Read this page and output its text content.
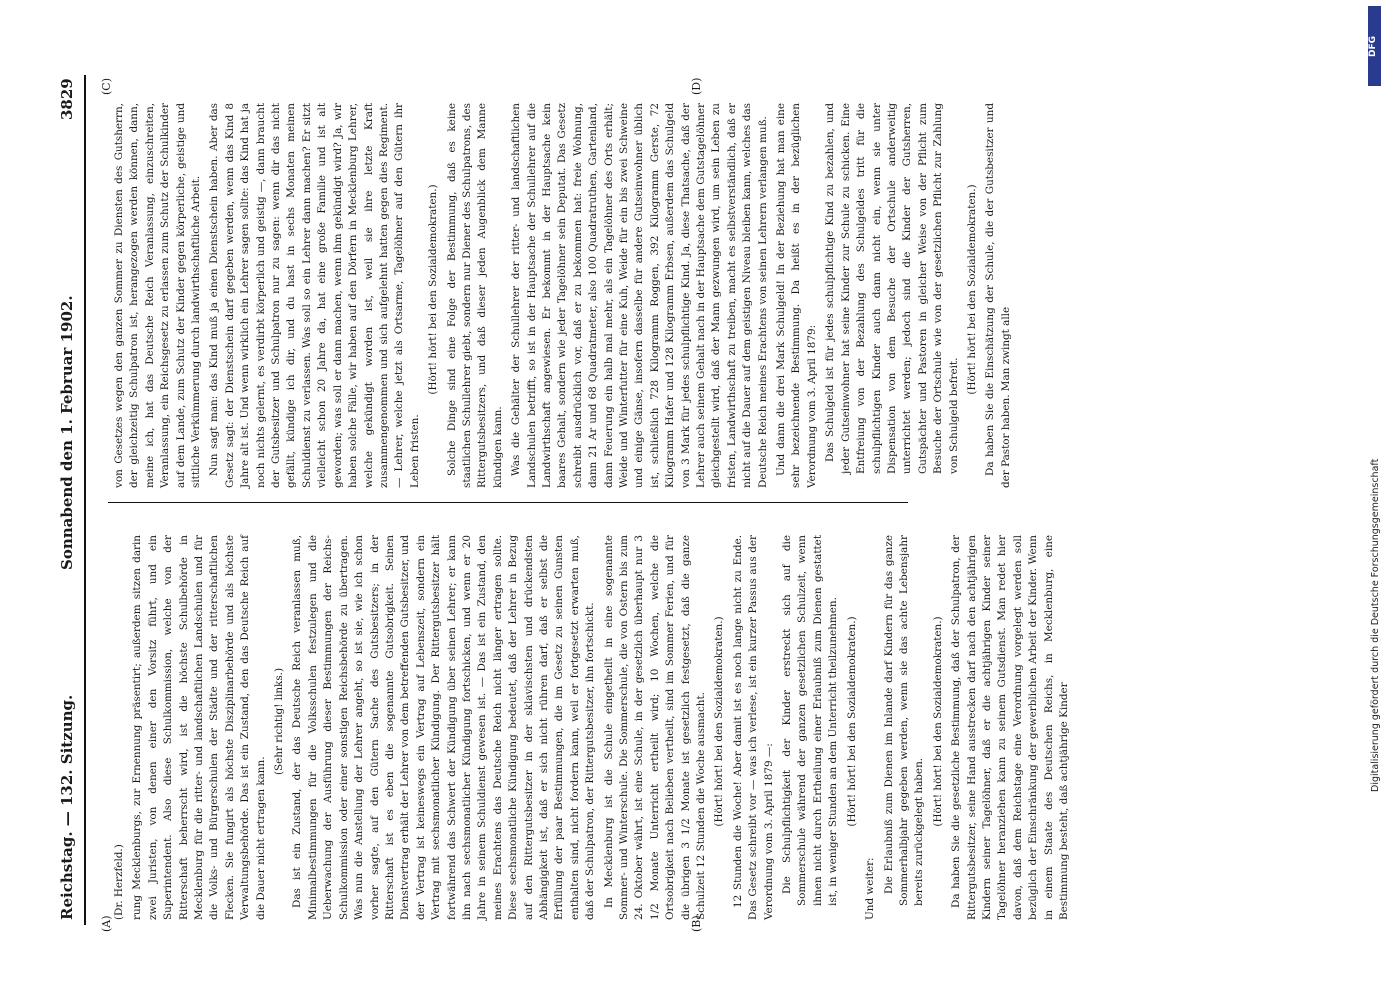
Reichstag. — 132. Sitzung.
Sonnabend den 1. Februar 1902.
3829
(A)	(B)
(C)	(D)

(Dr. Herzfeld.) rung Mecklenburgs, zur Ernennung präsentirt; außerdem sitzen darin zwei Juristen, von denen einer den Vorsitz führt, und ein Superintendent. Also diese Schulkommission, welche von der Ritterschaft beherrscht wird, ist die höchste Schulbehörde in Mecklenburg für die ritter- und landschaftlichen Landschulen und für die Volks- und Bürgerschulen der Städte und der ritterschaftlichen Flecken. Sie fungirt als höchste Disziplinarbehörde und als höchste Verwaltungsbehörde. Das ist ein Zustand, den das Deutsche Reich auf die Dauer nicht ertragen kann.

(Sehr richtig! links.) Das ist ein Zustand, der das Deutsche Reich veranlassen muß, Minimalbestimmungen für die Volksschulen festzulegen und die Ueberwachung der Ausführung dieser Bestimmungen der Reichs-Schulkommission oder einer sonstigen Reichsbehörde zu übertragen. Was nun die Anstellung der Lehrer angeht, so ist sie, wie ich schon vorher sagte, auf den Gütern Sache des Gutsbesitzers; in der Ritterschaft ist es eben die sogenannte Gutsobrigkeit. Seinen Dienstvertrag erhält der Lehrer von dem betreffenden Gutsbesitzer, und der Vertrag ist keineswegs ein Vertrag auf Lebenszeit, sondern ein Vertrag mit sechsmonatlicher Kündigung. Der Rittergutsbesitzer hält fortwährend das Schwert der Kündigung über seinen Lehrer; er kann ihn nach sechsmonatlicher Kündigung fortschicken, und wenn er 20 Jahre in seinem Schuldienst gewesen ist. — Das ist ein Zustand, den meines Erachtens das Deutsche Reich nicht länger ertragen sollte. Diese sechsmonatliche Kündigung bedeutet, daß der Lehrer in Bezug auf den Rittergutsbesitzer in der sklavischsten und drückendsten Abhängigkeit ist, daß er sich nicht rühren darf, daß er selbst die Erfüllung der paar Bestimmungen, die im Gesetz zu seinen Gunsten enthalten sind, nicht fordern kann, weil er fortgesetzt erwarten muß, daß der Schulpatron, der Rittergutsbesitzer, ihn fortschickt. In Mecklenburg ist die Schule eingetheilt in eine sogenannte Sommer- und Winterschule. Die Sommerschule, die von Ostern bis zum 24. Oktober währt, ist eine Schule, in der gesetzlich überhaupt nur 3 1/2 Monate Unterricht ertheilt wird; 10 Wochen, welche die Ortsobrigkeit nach Belieben vertheilt, sind im Sommer Ferien, und für die übrigen 3 1/2 Monate ist gesetzlich festgesetzt, daß die ganze Schulzeit 12 Stunden die Woche ausmacht. (Hört! hört! bei den Sozialdemokraten.) 12 Stunden die Woche! Aber damit ist es noch lange nicht zu Ende. Das Gesetz schreibt vor — was ich verlese, ist ein kurzer Passus aus der Verordnung vom 3. April 1879 —: Die Schulpflichtigkeit der Kinder erstreckt sich auf die Sommerschule während der ganzen gesetzlichen Schulzeit, wenn ihnen nicht durch Ertheilung einer Erlaubniß zum Dienen gestattet ist, in weniger Stunden an dem Unterricht theilzunehmen. (Hört! hört! bei den Sozialdemokraten.)

Und weiter: Die Erlaubniß zum Dienen im Inlande darf Kindern für das ganze Sommerhalbjahr gegeben werden, wenn sie das achte Lebensjahr bereits zurückgelegt haben.

(Hört! hört! bei den Sozialdemokraten.) Da haben Sie die gesetzliche Bestimmung, daß der Schulpatron, der Rittergutsbesitzer, seine Hand ausstrecken darf nach den achtjährigen Kindern seiner Tagelöhner, daß er die achtjährigen Kinder seiner Tagelöhner heranziehen kann zu seinem Gutsdienst. Man redet hier davon, daß dem Reichstage eine Verordnung vorgelegt werden soll bezüglich der Einschränkung der gewerblichen Arbeit der Kinder. Wenn in einem Staate des Deutschen Reichs, in Mecklenburg, eine Bestimmung besteht, daß achtjährige Kinder

von Gesetzes wegen den ganzen Sommer zu Diensten des Gutsherrn, der gleichzeitig Schulpatron ist, herangezogen werden können, dann, meine ich, hat das Deutsche Reich Veranlassung, einzuschreiten, Veranlassung, ein Reichsgesetz zu erlassen zum Schutz der Schulkinder auf dem Lande, zum Schutz der Kinder gegen körperliche, geistige und sittliche Verkümmerung durch landwirthschaftliche Arbeit. Nun sagt man: das Kind muß ja einen Dienstschein haben. Aber das Gesetz sagt: der Dienstschein darf gegeben werden, wenn das Kind 8 Jahre alt ist. Und wenn wirklich ein Lehrer sagen sollte: das Kind hat ja noch nichts gelernt, es verdirbt körperlich und geistig —, dann braucht der Gutsbesitzer und Schulpatron nur zu sagen: wenn dir das nicht gefällt, kündige ich dir, und du hast in sechs Monaten meinen Schuldienst zu verlassen. Was soll so ein Lehrer dann machen? Er sitzt vielleicht schon 20 Jahre da, hat eine große Familie und ist alt geworden; was soll er dann machen, wenn ihm gekündigt wird? Ja, wir haben solche Fälle, wir haben auf den Dörfern in Mecklenburg Lehrer, welche gekündigt worden ist, weil sie ihre letzte Kraft zusammengenommen und sich aufgelehnt hatten gegen dies Regiment. — Lehrer, welche jetzt als Ortsarme, Tagelöhner auf den Gütern ihr Leben fristen.

(Hört! hört! bei den Sozialdemokraten.) Solche Dinge sind eine Folge der Bestimmung, daß es keine staatlichen Schullehrer giebt, sondern nur Diener des Schulpatrons, des Rittergutsbesitzers, und daß dieser jeden Augenblick dem Manne kündigen kann. Was die Gehälter der Schullehrer der ritter- und landschaftlichen Landschulen betrifft, so ist in der Hauptsache der Schullehrer auf die Landwirthschaft angewiesen. Er bekommt in der Hauptsache kein baares Gehalt, sondern wie jeder Tagelöhner sein Deputat. Das Gesetz schreibt ausdrücklich vor, daß er zu bekommen hat: freie Wohnung, dann 21 Ar und 68 Quadratmeter, also 100 Quadratruthen, Gartenland, dann Feuerung ein halb mal mehr, als ein Tagelöhner des Orts erhält; Weide und Winterfutter für eine Kuh, Weide für ein bis zwei Schweine und einige Gänse, insofern dasselbe für andere Gutseinwohner üblich ist, schließlich 728 Kilogramm Roggen, 392 Kilogramm Gerste, 72 Kilogramm Hafer und 128 Kilogramm Erbsen, außerdem das Schulgeld von 3 Mark für jedes schulpflichtige Kind. Ja, diese Thatsache, daß der Lehrer auch seinem Gehalt nach in der Hauptsache dem Gutstagelöhner gleichgestellt wird, daß der Mann gezwungen wird, um sein Leben zu fristen, Landwirthschaft zu treiben, macht es selbstverständlich, daß er nicht auf die Dauer auf dem geistigen Niveau bleiben kann, welches das Deutsche Reich meines Erachtens von seinen Lehrern verlangen muß. Und dann die drei Mark Schulgeld! In der Beziehung hat man eine sehr bezeichnende Bestimmung. Da heißt es in der bezüglichen Verordnung vom 3. April 1879: Das Schulgeld ist für jedes schulpflichtige Kind zu bezahlen, und jeder Gutseinwohner hat seine Kinder zur Schule zu schicken. Eine Entfreiung von der Bezahlung des Schulgeldes tritt für die schulpflichtigen Kinder auch dann nicht ein, wenn sie unter Dispensation von dem Besuche der Ortschule anderweitig unterrichtet werden; jedoch sind die Kinder der Gutsherren, Gutspächter und Pastoren in gleicher Weise von der Pflicht zum Besuche der Ortschule wie von der gesetzlichen Pflicht zur Zahlung von Schulgeld befreit.

(Hört! hört! bei den Sozialdemokraten.) Da haben Sie die Einschätzung der Schule, die der Gutsbesitzer und der Pastor haben. Man zwingt alle

DFG
Digitalisierung gefördert durch die Deutsche Forschungsgemeinschaft
